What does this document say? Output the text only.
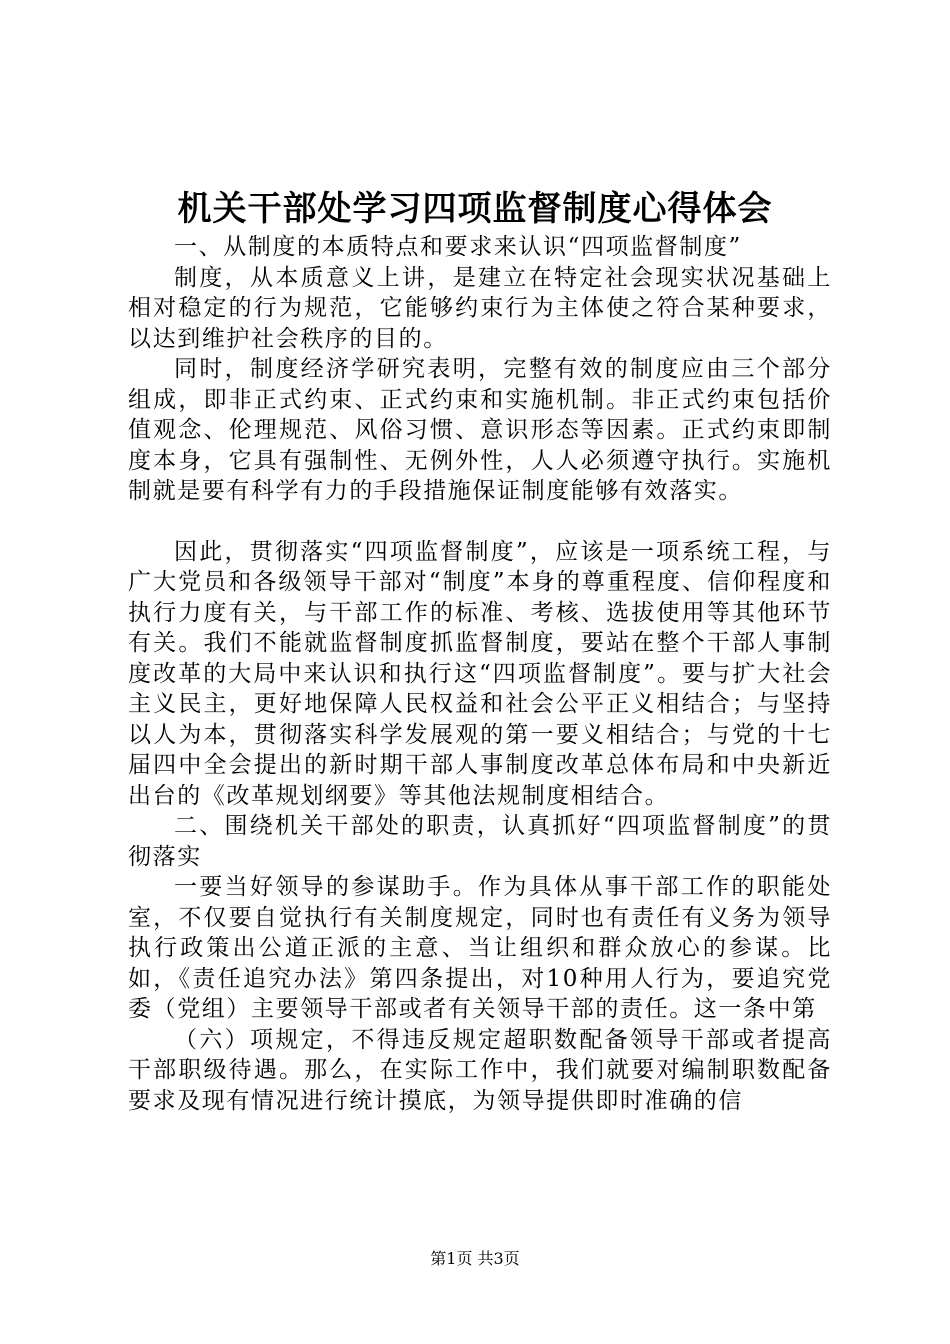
机关干部处学习四项监督制度心得体会

一、从制度的本质特点和要求来认识“四项监督制度”

制度，从本质意义上讲，是建立在特定社会现实状况基础上相对稳定的行为规范，它能够约束行为主体使之符合某种要求，以达到维护社会秩序的目的。

同时，制度经济学研究表明，完整有效的制度应由三个部分组成，即非正式约束、正式约束和实施机制。非正式约束包括价值观念、伦理规范、风俗习惯、意识形态等因素。正式约束即制度本身，它具有强制性、无例外性，人人必须遵守执行。实施机制就是要有科学有力的手段措施保证制度能够有效落实。

因此，贯彻落实“四项监督制度”，应该是一项系统工程，与广大党员和各级领导干部对“制度”本身的尊重程度、信仰程度和执行力度有关，与干部工作的标准、考核、选拔使用等其他环节有关。我们不能就监督制度抓监督制度，要站在整个干部人事制度改革的大局中来认识和执行这“四项监督制度”。要与扩大社会主义民主，更好地保障人民权益和社会公平正义相结合；与坚持以人为本，贯彻落实科学发展观的第一要义相结合；与党的十七届四中全会提出的新时期干部人事制度改革总体布局和中央新近出台的《改革规划纲要》等其他法规制度相结合。

二、围绕机关干部处的职责，认真抓好“四项监督制度”的贯彻落实

一要当好领导的参谋助手。作为具体从事干部工作的职能处室，不仅要自觉执行有关制度规定，同时也有责任有义务为领导执行政策出公道正派的主意、当让组织和群众放心的参谋。比如，《责任追究办法》第四条提出，对10种用人行为，要追究党委（党组）主要领导干部或者有关领导干部的责任。这一条中第

（六）项规定，不得违反规定超职数配备领导干部或者提高干部职级待遇。那么，在实际工作中，我们就要对编制职数配备要求及现有情况进行统计摸底，为领导提供即时准确的信

第1页 共3页
